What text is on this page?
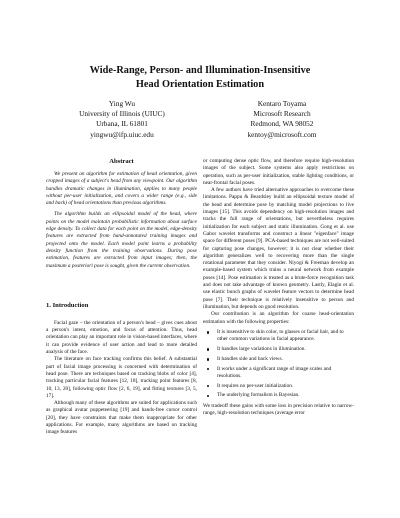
Wide-Range, Person- and Illumination-Insensitive
Head Orientation Estimation
Ying Wu
University of Illinois (UIUC)
Urbana, IL 61801
yingwu@ifp.uiuc.edu
Kentaro Toyama
Microsoft Research
Redmond, WA 98052
kentoy@microsoft.com
Abstract

We present an algorithm for estimation of head orientation, given cropped images of a subject's head from any viewpoint. Our algorithm handles dramatic changes in illumination, applies to many people without per-user initialization, and covers a wider range (e.g., side and back) of head orientations than previous algorithms.

The algorithm builds an ellipsoidal model of the head, where points on the model maintain probabilistic information about surface edge density. To collect data for each point on the model, edge-density features are extracted from hand-annotated training images and projected onto the model. Each model point learns a probability density function from the training observations. During pose estimation, features are extracted from input images; then, the maximum a posteriori pose is sought, given the current observation.

1. Introduction

Facial gaze – the orientation of a person's head – gives cues about a person's intent, emotion, and focus of attention. Thus, head orientation can play an important role in vision-based interfaces, where it can provide evidence of user action and lead to more detailed analysis of the face.

The literature on face tracking confirms this belief. A substantial part of facial image processing is concerned with determination of head pose. There are techniques based on tracking blobs of color [4], tracking particular facial features [12, 18], tracking point features [8, 10, 13, 20], following optic flow [2, 6, 19], and fitting textures [3, 5, 17].

Although many of these algorithms are suited for applications such as graphical avatar puppeteering [19] and hands-free cursor control [20], they have constraints that make them inappropriate for other applications. For example, many algorithms are based on tracking image features

or computing dense optic flow, and therefore require high-resolution images of the subject. Some systems also apply restrictions on operation, such as per-user initialization, stable lighting conditions, or near-frontal facial poses.

A few authors have tried alternative approaches to overcome these limitations. Pappu & Beardsley build an ellipsoidal texture model of the head and determine pose by matching model projections to live images [15]. This avoids dependency on high-resolution images and tracks the full range of orientations, but nevertheless requires initialization for each subject and static illumination. Gong et al. use Gabor wavelet transforms and construct a linear "eigenface" image space for different poses [9]. PCA-based techniques are not well-suited for capturing pose changes, however; it is not clear whether their algorithm generalizes well to recovering more than the single rotational parameter that they consider. Niyogi & Freeman develop an example-based system which trains a neural network from example poses [14]. Pose estimation is treated as a brute-force recognition task and does not take advantage of known geometry. Lastly, Elagin et al. use elastic bunch graphs of wavelet feature vectors to determine head pose [7]. Their technique is relatively insensitive to person and illumination, but depends on good resolution.

Our contribution is an algorithm for coarse head-orientation estimation with the following properties:

It is insensitive to skin color, to glasses or facial hair, and to other common variations in facial appearance.
It handles large variations in illumination.
It handles side and back views.
It works under a significant range of image scales and resolutions.
It requires no per-user initialization.
The underlying formalism is Bayesian.

We tradeoff these gains with some loss in precision relative to narrow-range, high-resolution techniques (average error
